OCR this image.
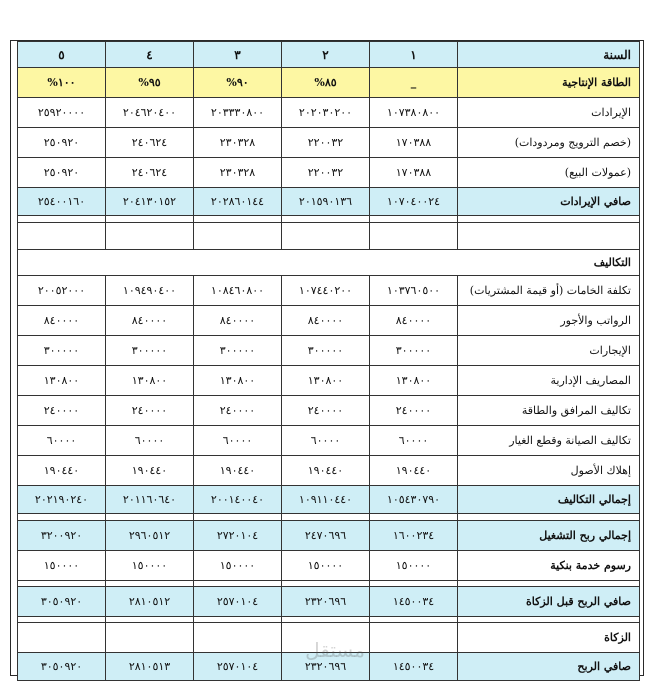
٥	٤	٣	٢	١	السنة
%١٠٠	%٩٥	%٩٠	%٨٥	_	الطاقة الإنتاجية
٢٥٩٢٠٠٠٠	٢٠٤٦٢٠٤٠٠	٢٠٣٣٣٠٨٠٠	٢٠٢٠٣٠٢٠٠	١٠٧٣٨٠٨٠٠	الإيرادات
٢٥٠٩٢٠	٢٤٠٦٢٤	٢٣٠٣٢٨	٢٢٠٠٣٢	١٧٠٣٨٨	(خصم الترويج ومردودات)
٢٥٠٩٢٠	٢٤٠٦٢٤	٢٣٠٣٢٨	٢٢٠٠٣٢	١٧٠٣٨٨	(عمولات البيع)
٢٥٤٠٠١٦٠	٢٠٤١٣٠١٥٢	٢٠٢٨٦٠١٤٤	٢٠١٥٩٠١٣٦	١٠٧٠٤٠٠٢٤	صافي الإيرادات

التكاليف					
٢٠٠٥٢٠٠٠	١٠٩٤٩٠٤٠٠	١٠٨٤٦٠٨٠٠	١٠٧٤٤٠٢٠٠	١٠٣٧٦٠٥٠٠	تكلفة الخامات (أو قيمة المشتريات)
٨٤٠٠٠٠	٨٤٠٠٠٠	٨٤٠٠٠٠	٨٤٠٠٠٠	٨٤٠٠٠٠	الرواتب والأجور
٣٠٠٠٠٠	٣٠٠٠٠٠	٣٠٠٠٠٠	٣٠٠٠٠٠	٣٠٠٠٠٠	الإيجارات
١٣٠٨٠٠	١٣٠٨٠٠	١٣٠٨٠٠	١٣٠٨٠٠	١٣٠٨٠٠	المصاريف الإدارية
٢٤٠٠٠٠	٢٤٠٠٠٠	٢٤٠٠٠٠	٢٤٠٠٠٠	٢٤٠٠٠٠	تكاليف المرافق والطاقة
٦٠٠٠٠	٦٠٠٠٠	٦٠٠٠٠	٦٠٠٠٠	٦٠٠٠٠	تكاليف الصيانة وقطع الغيار
١٩٠٤٤٠	١٩٠٤٤٠	١٩٠٤٤٠	١٩٠٤٤٠	١٩٠٤٤٠	إهلاك الأصول
٢٠٢١٩٠٢٤٠	٢٠١١٦٠٦٤٠	٢٠٠١٤٠٠٤٠	١٠٩١١٠٤٤٠	١٠٥٤٣٠٧٩٠	إجمالي التكاليف

٣٢٠٠٩٢٠	٢٩٦٠٥١٢	٢٧٢٠١٠٤	٢٤٧٠٦٩٦	١٦٠٠٢٣٤	إجمالي ربح التشغيل
١٥٠٠٠٠	١٥٠٠٠٠	١٥٠٠٠٠	١٥٠٠٠٠	١٥٠٠٠٠	رسوم خدمة بنكية

٣٠٥٠٩٢٠	٢٨١٠٥١٢	٢٥٧٠١٠٤	٢٣٢٠٦٩٦	١٤٥٠٠٣٤	صافي الربح قبل الزكاة

					الزكاة
٣٠٥٠٩٢٠	٢٨١٠٥١٣	٢٥٧٠١٠٤	٢٣٢٠٦٩٦	١٤٥٠٠٣٤	صافي الربح
مستقل
